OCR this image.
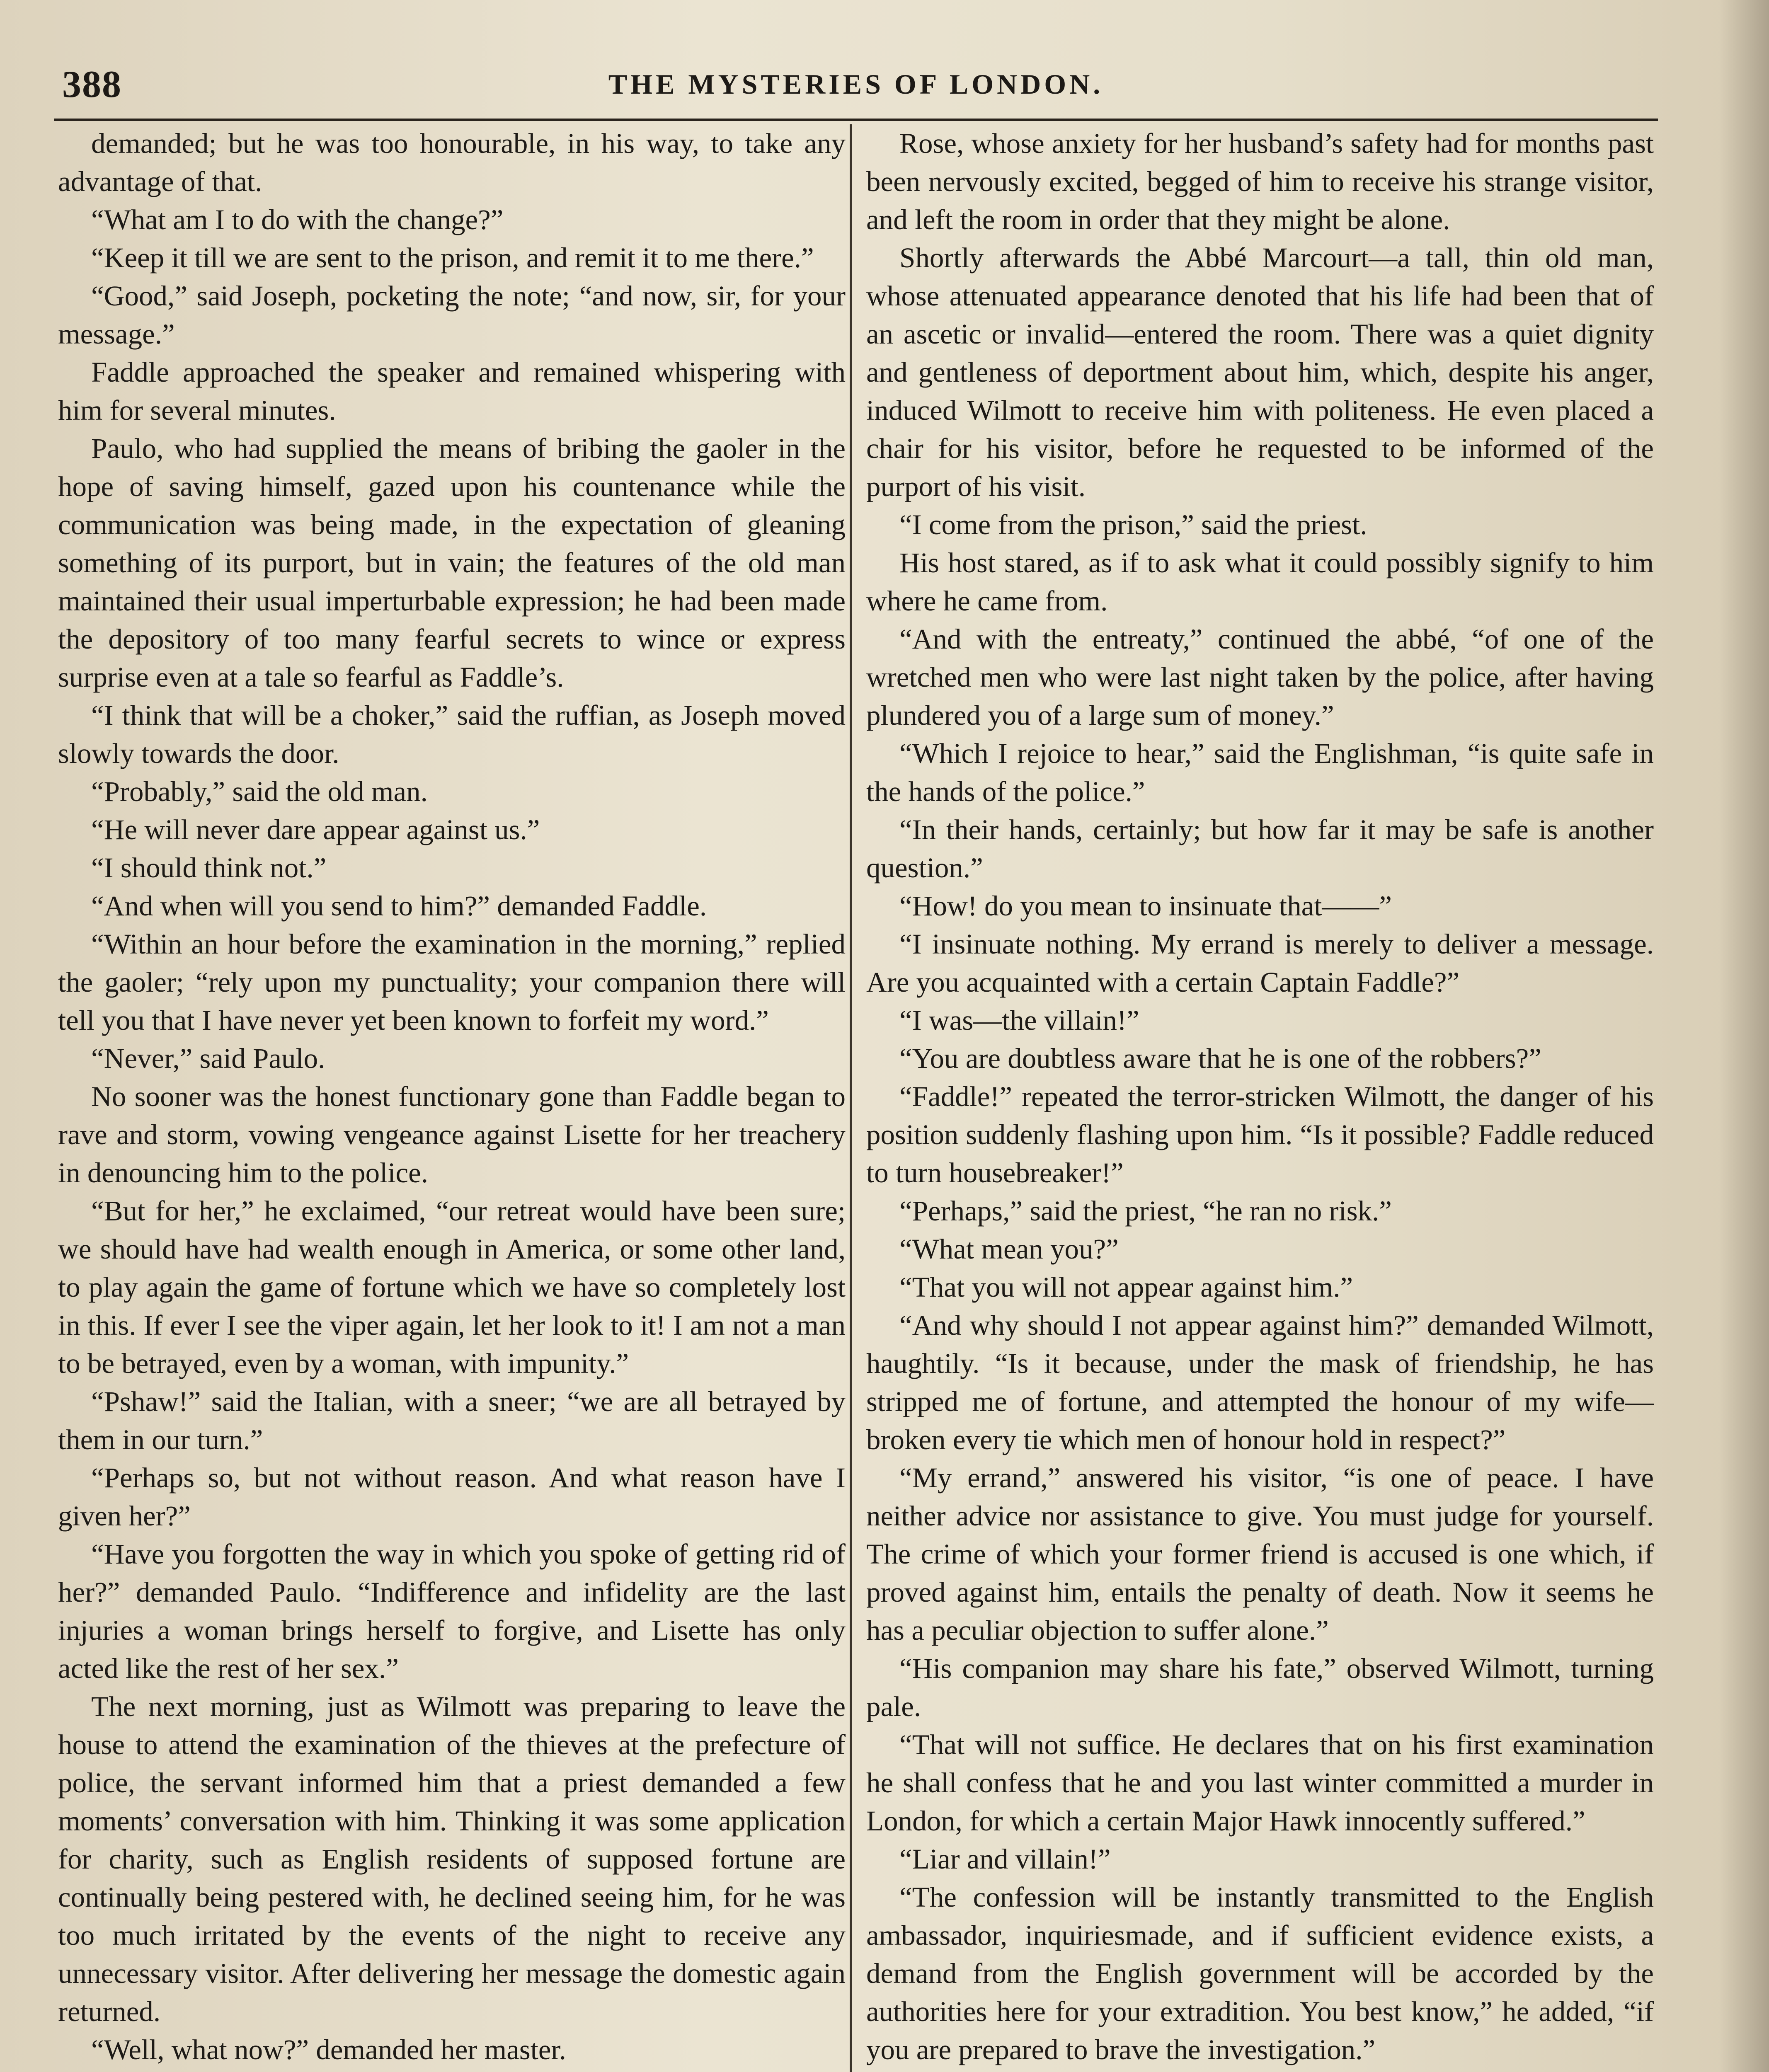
388	THE MYSTERIES OF LONDON.

demanded; but he was too honourable, in his way, to take any advantage of that.

“What am I to do with the change?”

“Keep it till we are sent to the prison, and remit it to me there.”

“Good,” said Joseph, pocketing the note; “and now, sir, for your message.”

Faddle approached the speaker and remained whispering with him for several minutes.

Paulo, who had supplied the means of bribing the gaoler in the hope of saving himself, gazed upon his countenance while the communication was being made, in the expectation of gleaning something of its purport, but in vain; the features of the old man maintained their usual imperturbable expression; he had been made the depository of too many fearful secrets to wince or express surprise even at a tale so fearful as Faddle’s.

“I think that will be a choker,” said the ruffian, as Joseph moved slowly towards the door.

“Probably,” said the old man.

“He will never dare appear against us.”

“I should think not.”

“And when will you send to him?” demanded Faddle.

“Within an hour before the examination in the morning,” replied the gaoler; “rely upon my punctuality; your companion there will tell you that I have never yet been known to forfeit my word.”

“Never,” said Paulo.

No sooner was the honest functionary gone than Faddle began to rave and storm, vowing vengeance against Lisette for her treachery in denouncing him to the police.

“But for her,” he exclaimed, “our retreat would have been sure; we should have had wealth enough in America, or some other land, to play again the game of fortune which we have so completely lost in this. If ever I see the viper again, let her look to it! I am not a man to be betrayed, even by a woman, with impunity.”

“Pshaw!” said the Italian, with a sneer; “we are all betrayed by them in our turn.”

“Perhaps so, but not without reason. And what reason have I given her?”

“Have you forgotten the way in which you spoke of getting rid of her?” demanded Paulo. “Indifference and infidelity are the last injuries a woman brings herself to forgive, and Lisette has only acted like the rest of her sex.”

The next morning, just as Wilmott was preparing to leave the house to attend the examination of the thieves at the prefecture of police, the servant informed him that a priest demanded a few moments’ conversation with him. Thinking it was some application for charity, such as English residents of supposed fortune are continually being pestered with, he declined seeing him, for he was too much irritated by the events of the night to receive any unnecessary visitor. After delivering her message the domestic again returned.

“Well, what now?” demanded her master.

Rose, whose anxiety for her husband’s safety had for months past been nervously excited, begged of him to receive his strange visitor, and left the room in order that they might be alone.

Shortly afterwards the Abbé Marcourt—a tall, thin old man, whose attenuated appearance denoted that his life had been that of an ascetic or invalid—entered the room. There was a quiet dignity and gentleness of deportment about him, which, despite his anger, induced Wilmott to receive him with politeness. He even placed a chair for his visitor, before he requested to be informed of the purport of his visit.

“I come from the prison,” said the priest.

His host stared, as if to ask what it could possibly signify to him where he came from.

“And with the entreaty,” continued the abbé, “of one of the wretched men who were last night taken by the police, after having plundered you of a large sum of money.”

“Which I rejoice to hear,” said the Englishman, “is quite safe in the hands of the police.”

“In their hands, certainly; but how far it may be safe is another question.”

“How! do you mean to insinuate that——”

“I insinuate nothing. My errand is merely to deliver a message. Are you acquainted with a certain Captain Faddle?”

“I was—the villain!”

“You are doubtless aware that he is one of the robbers?”

“Faddle!” repeated the terror-stricken Wilmott, the danger of his position suddenly flashing upon him. “Is it possible? Faddle reduced to turn housebreaker!”

“Perhaps,” said the priest, “he ran no risk.”

“What mean you?”

“That you will not appear against him.”

“And why should I not appear against him?” demanded Wilmott, haughtily. “Is it because, under the mask of friendship, he has stripped me of fortune, and attempted the honour of my wife—broken every tie which men of honour hold in respect?”

“My errand,” answered his visitor, “is one of peace. I have neither advice nor assistance to give. You must judge for yourself. The crime of which your former friend is accused is one which, if proved against him, entails the penalty of death. Now it seems he has a peculiar objection to suffer alone.”

“His companion may share his fate,” observed Wilmott, turning pale.

“That will not suffice. He declares that on his first examination he shall confess that he and you last winter committed a murder in London, for which a certain Major Hawk innocently suffered.”

“Liar and villain!”

“The confession will be instantly transmitted to the English ambassador, inquiriesmade, and if sufficient evidence exists, a demand from the English government will be accorded by the authorities here for your extradition. You best know,” he added, “if you are prepared to brave the investigation.”
